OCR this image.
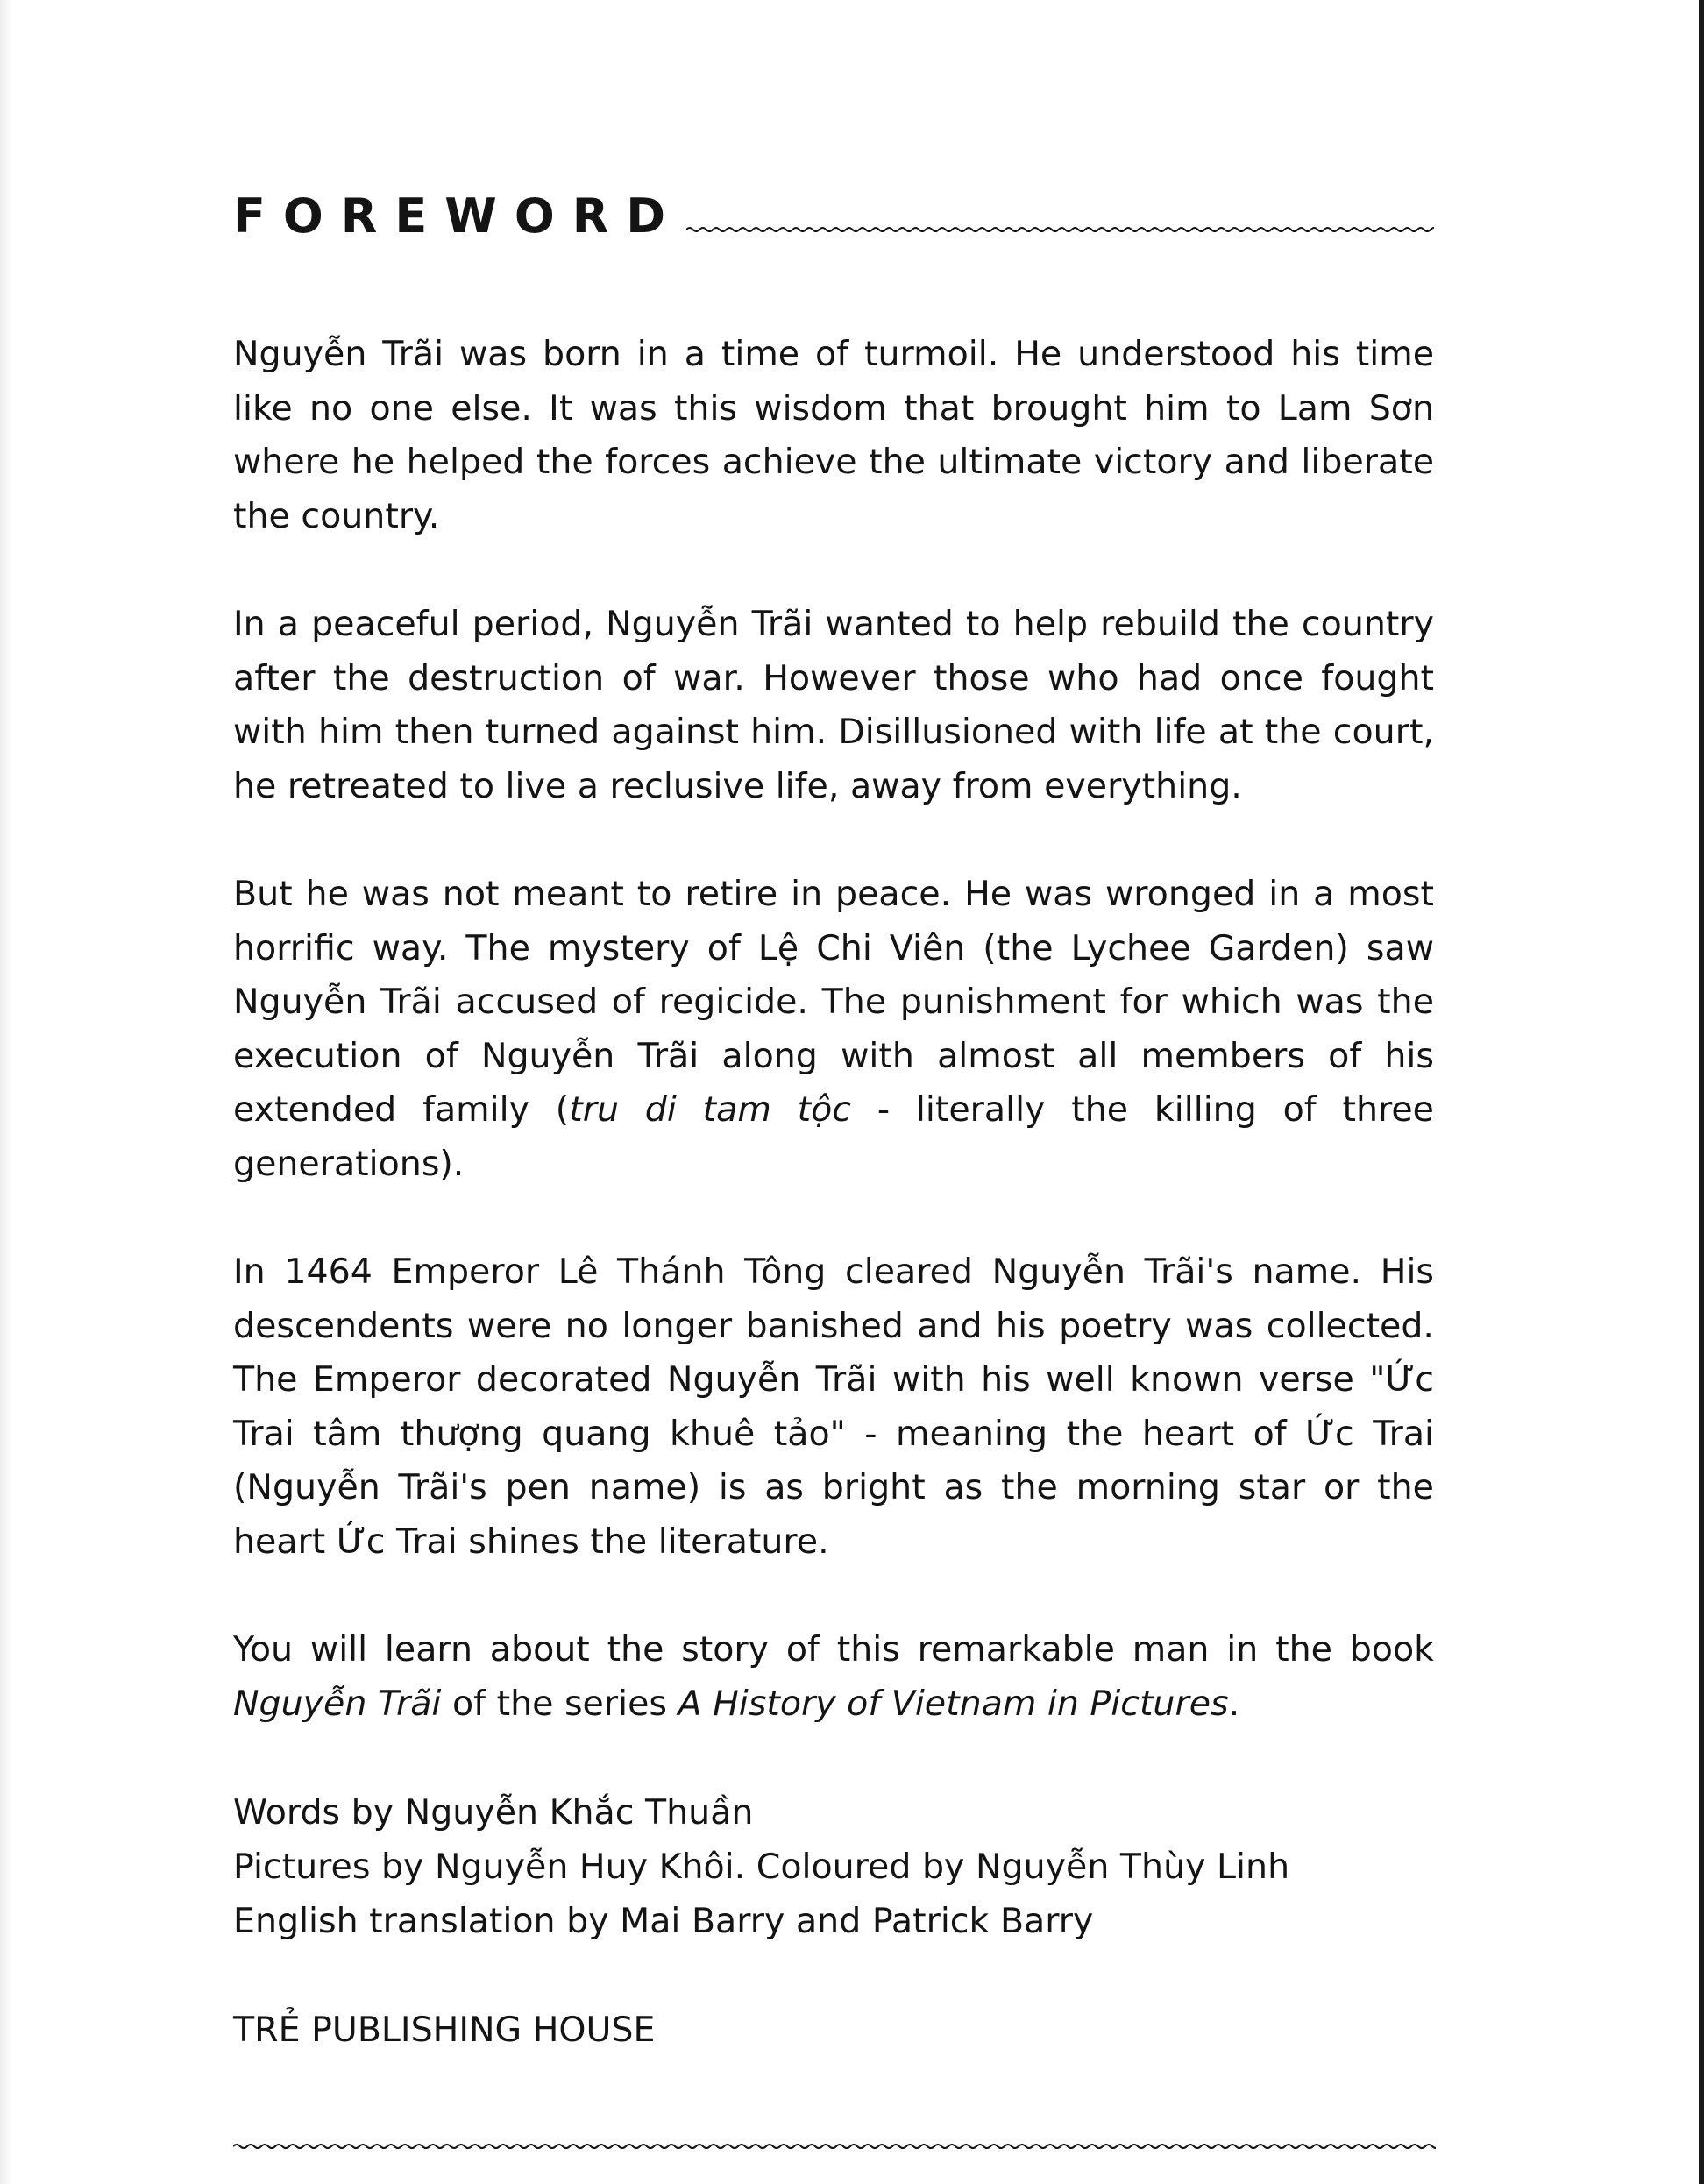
FOREWORD

Nguyễn Trãi was born in a time of turmoil. He understood his time like no one else. It was this wisdom that brought him to Lam Sơn where he helped the forces achieve the ultimate victory and liberate the country.

In a peaceful period, Nguyễn Trãi wanted to help rebuild the country after the destruction of war. However those who had once fought with him then turned against him. Disillusioned with life at the court, he retreated to live a reclusive life, away from everything.

But he was not meant to retire in peace. He was wronged in a most horrific way. The mystery of Lệ Chi Viên (the Lychee Garden) saw Nguyễn Trãi accused of regicide. The punishment for which was the execution of Nguyễn Trãi along with almost all members of his extended family (tru di tam tộc - literally the killing of three generations).

In 1464 Emperor Lê Thánh Tông cleared Nguyễn Trãi's name. His descendents were no longer banished and his poetry was collected. The Emperor decorated Nguyễn Trãi with his well known verse "Ức Trai tâm thượng quang khuê tảo" - meaning the heart of Ức Trai (Nguyễn Trãi's pen name) is as bright as the morning star or the heart Ức Trai shines the literature.

You will learn about the story of this remarkable man in the book Nguyễn Trãi of the series A History of Vietnam in Pictures.

Words by Nguyễn Khắc Thuần
Pictures by Nguyễn Huy Khôi. Coloured by Nguyễn Thùy Linh
English translation by Mai Barry and Patrick Barry
TRẺ PUBLISHING HOUSE
